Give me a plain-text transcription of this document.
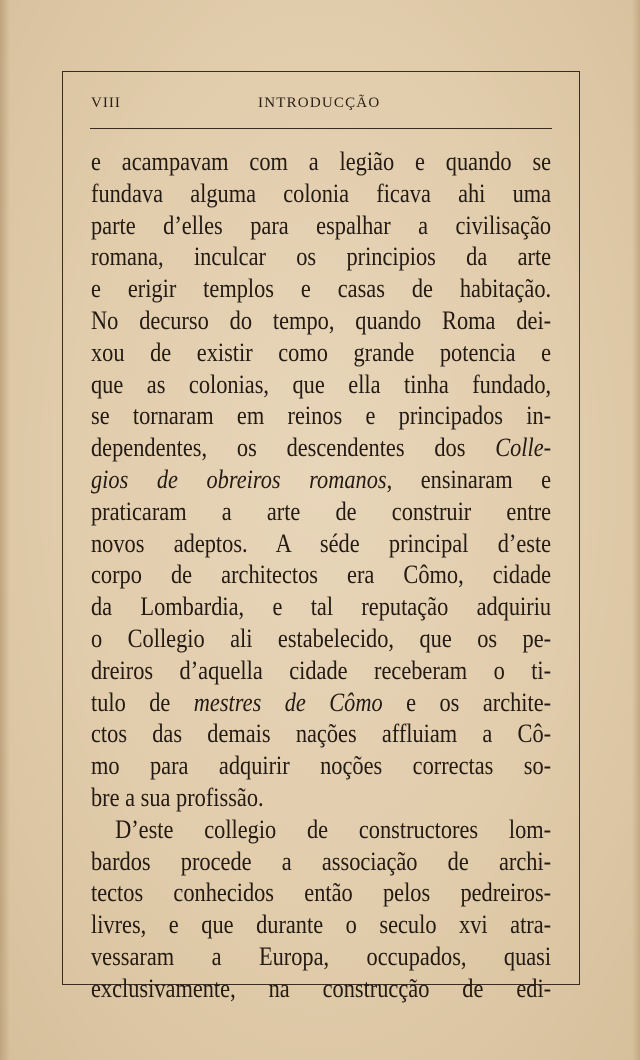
VIII	INTRODUCÇÃO
e acampavam com a legião e quando se
fundava alguma colonia ficava ahi uma
parte d’elles para espalhar a civilisação
romana, inculcar os principios da arte
e erigir templos e casas de habitação.
No decurso do tempo, quando Roma dei-
xou de existir como grande potencia e
que as colonias, que ella tinha fundado,
se tornaram em reinos e principados in-
dependentes, os descendentes dos Colle-
gios de obreiros romanos, ensinaram e
praticaram a arte de construir entre
novos adeptos. A séde principal d’este
corpo de architectos era Cômo, cidade
da Lombardia, e tal reputação adquiriu
o Collegio ali estabelecido, que os pe-
dreiros d’aquella cidade receberam o ti-
tulo de mestres de Cômo e os archite-
ctos das demais nações affluiam a Cô-
mo para adquirir noções correctas so-
bre a sua profissão.
D’este collegio de constructores lom-
bardos procede a associação de archi-
tectos conhecidos então pelos pedreiros-
livres, e que durante o seculo xvi atra-
vessaram a Europa, occupados, quasi
exclusivamente, na construcção de edi-
